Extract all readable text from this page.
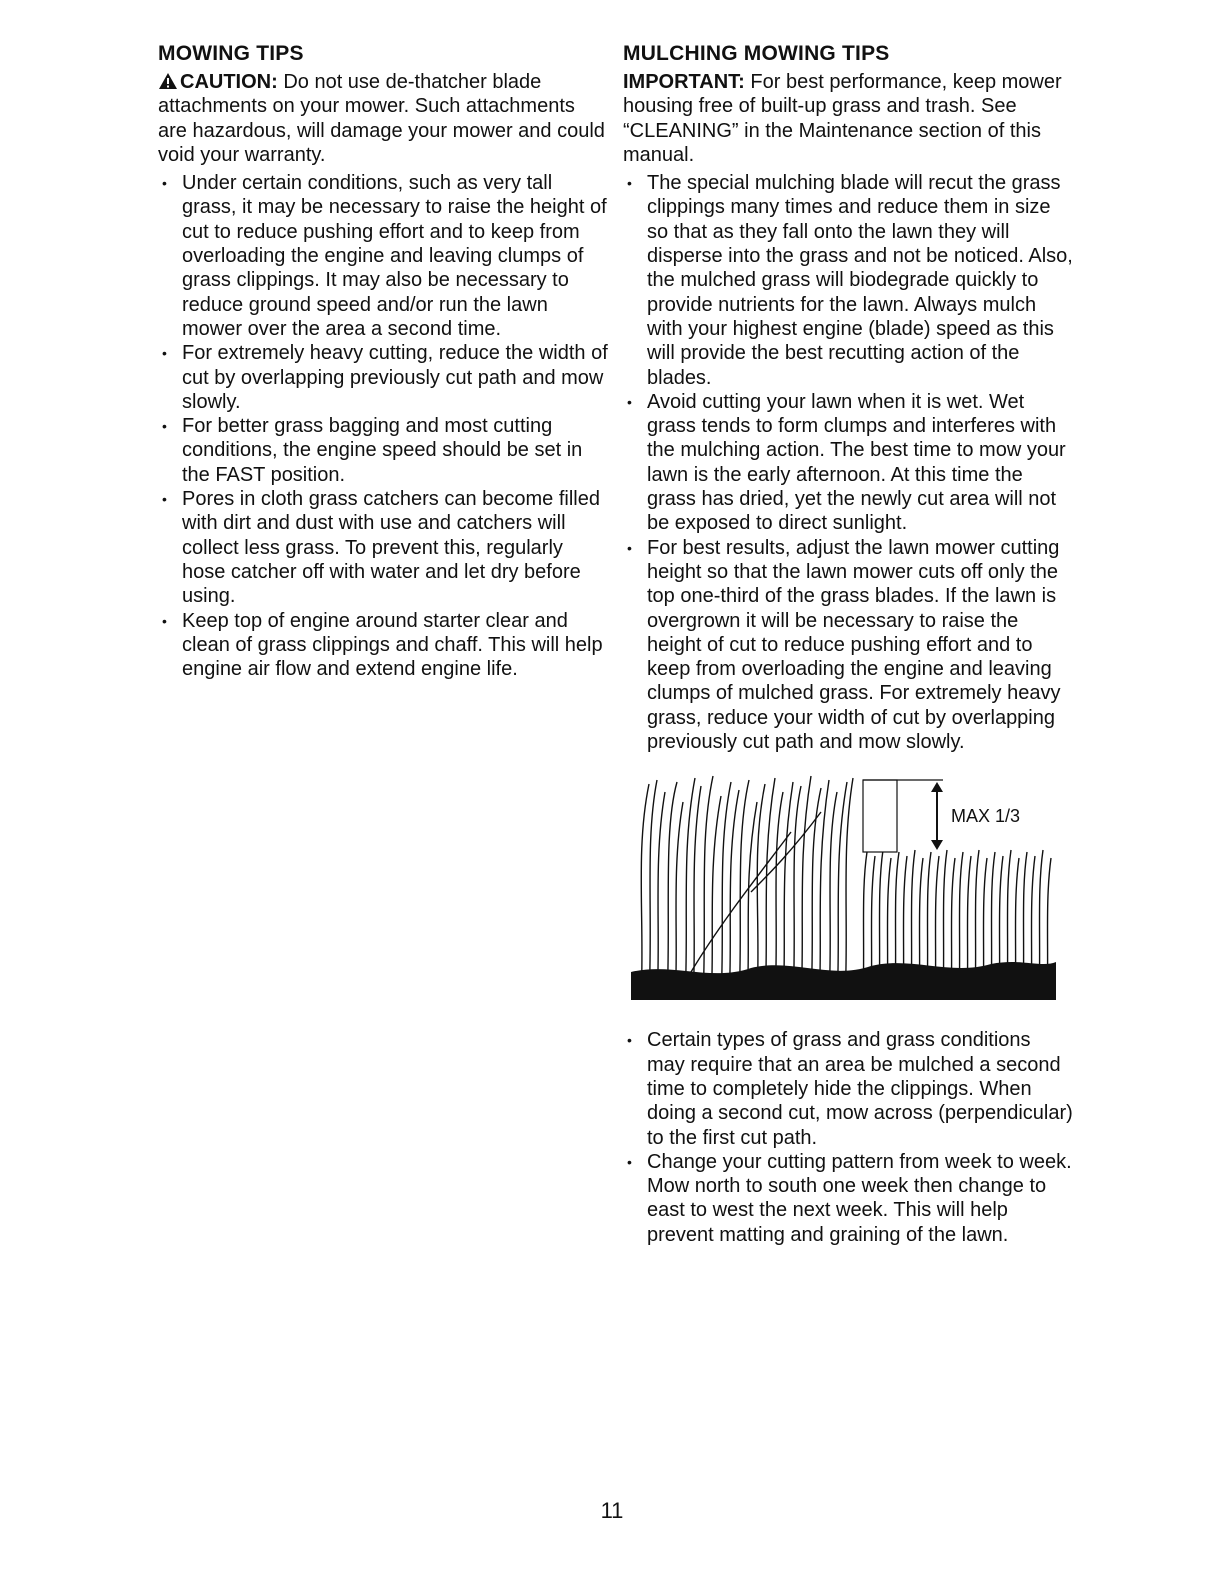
MOWING TIPS

CAUTION: Do not use de-thatcher blade attachments on your mower. Such attachments are hazardous, will damage your mower and could void your warranty.

• Under certain conditions, such as very tall grass, it may be necessary to raise the height of cut to reduce pushing effort and to keep from overloading the engine and leaving clumps of grass clippings. It may also be necessary to reduce ground speed and/or run the lawn mower over the area a second time.
• For extremely heavy cutting, reduce the width of cut by overlapping previously cut path and mow slowly.
• For better grass bagging and most cutting conditions, the engine speed should be set in the FAST position.
• Pores in cloth grass catchers can become filled with dirt and dust with use and catchers will collect less grass. To prevent this, regularly hose catcher off with water and let dry before using.
• Keep top of engine around starter clear and clean of grass clippings and chaff. This will help engine air flow and extend engine life.
MULCHING MOWING TIPS

IMPORTANT: For best performance, keep mower housing free of built-up grass and trash. See “CLEANING” in the Maintenance section of this manual.

• The special mulching blade will recut the grass clippings many times and reduce them in size so that as they fall onto the lawn they will disperse into the grass and not be noticed. Also, the mulched grass will biodegrade quickly to provide nutrients for the lawn. Always mulch with your highest engine (blade) speed as this will provide the best recutting action of the blades.
• Avoid cutting your lawn when it is wet. Wet grass tends to form clumps and interferes with the mulching action. The best time to mow your lawn is the early afternoon. At this time the grass has dried, yet the newly cut area will not be exposed to direct sunlight.
• For best results, adjust the lawn mower cutting height so that the lawn mower cuts off only the top one-third of the grass blades. If the lawn is overgrown it will be necessary to raise the height of cut to reduce pushing effort and to keep from overloading the engine and leaving clumps of mulched grass. For extremely heavy grass, reduce your width of cut by overlapping previously cut path and mow slowly.
MAX 1/3
• Certain types of grass and grass conditions may require that an area be mulched a second time to completely hide the clippings. When doing a second cut, mow across (perpendicular) to the first cut path.
• Change your cutting pattern from week to week. Mow north to south one week then change to east to west the next week. This will help prevent matting and graining of the lawn.
11
